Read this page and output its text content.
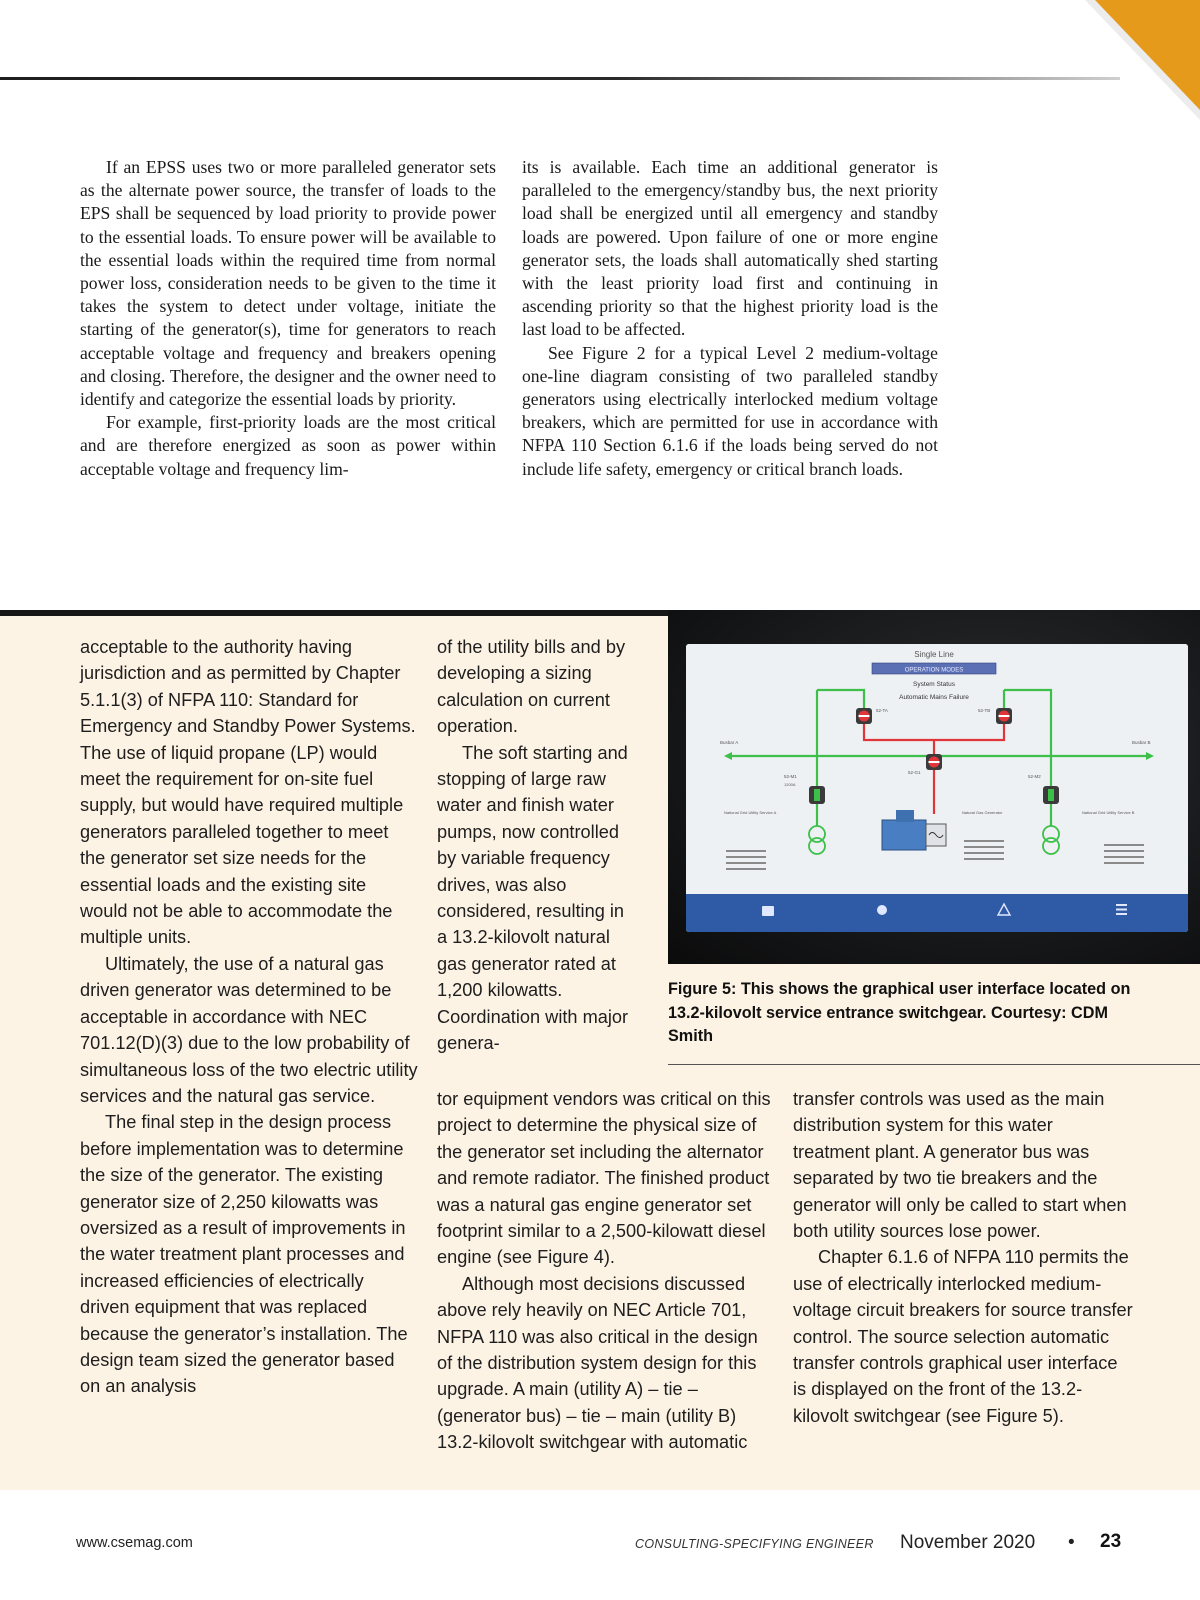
If an EPSS uses two or more paralleled generator sets as the alternate power source, the transfer of loads to the EPS shall be sequenced by load priority to provide power to the essential loads. To ensure power will be available to the essential loads within the required time from normal power loss, consideration needs to be given to the time it takes the system to detect under voltage, initiate the starting of the generator(s), time for generators to reach acceptable voltage and frequency and breakers opening and closing. Therefore, the designer and the owner need to identify and categorize the essential loads by priority.

For example, first-priority loads are the most critical and are therefore energized as soon as power within acceptable voltage and frequency lim-

its is available. Each time an additional generator is paralleled to the emergency/standby bus, the next priority load shall be energized until all emergency and standby loads are powered. Upon failure of one or more engine generator sets, the loads shall automatically shed starting with the least priority load first and continuing in ascending priority so that the highest priority load is the last load to be affected.

See Figure 2 for a typical Level 2 medium-voltage one-line diagram consisting of two paralleled standby generators using electrically interlocked medium voltage breakers, which are permitted for use in accordance with NFPA 110 Section 6.1.6 if the loads being served do not include life safety, emergency or critical branch loads.

acceptable to the authority having jurisdiction and as permitted by Chapter 5.1.1(3) of NFPA 110: Standard for Emergency and Standby Power Systems. The use of liquid propane (LP) would meet the requirement for on-site fuel supply, but would have required multiple generators paralleled together to meet the generator set size needs for the essential loads and the existing site would not be able to accommodate the multiple units.

Ultimately, the use of a natural gas driven generator was determined to be acceptable in accordance with NEC 701.12(D)(3) due to the low probability of simultaneous loss of the two electric utility services and the natural gas service.

The final step in the design process before implementation was to determine the size of the generator. The existing generator size of 2,250 kilowatts was oversized as a result of improvements in the water treatment plant processes and increased efficiencies of electrically driven equipment that was replaced because the generator’s installation. The design team sized the generator based on an analysis

of the utility bills and by developing a sizing calculation on current operation.

The soft starting and stopping of large raw water and finish water pumps, now controlled by variable frequency drives, was also considered, resulting in a 13.2-kilovolt natural gas generator rated at 1,200 kilowatts. Coordination with major genera-

tor equipment vendors was critical on this project to determine the physical size of the generator set including the alternator and remote radiator. The finished product was a natural gas engine generator set footprint similar to a 2,500-kilowatt diesel engine (see Figure 4).

Although most decisions discussed above rely heavily on NEC Article 701, NFPA 110 was also critical in the design of the distribution system design for this upgrade. A main (utility A) – tie – (generator bus) – tie – main (utility B) 13.2-kilovolt switchgear with automatic

transfer controls was used as the main distribution system for this water treatment plant. A generator bus was separated by two tie breakers and the generator will only be called to start when both utility sources lose power.

Chapter 6.1.6 of NFPA 110 permits the use of electrically interlocked medium-voltage circuit breakers for source transfer control. The source selection automatic transfer controls graphical user interface is displayed on the front of the 13.2-kilovolt switchgear (see Figure 5).

Single Line
OPERATION MODES
System Status
Automatic Mains Failure
Busbar A	Busbar B
52-TA	52-TB
52-M1	52-M2
52-G1
1200A
Natural Gas Generator
National Grid Utility Service A	National Grid Utility Service B
Figure 5: This shows the graphical user interface located on 13.2-kilovolt service entrance switchgear. Courtesy: CDM Smith
www.csemag.com	CONSULTING-SPECIFYING ENGINEER November 2020 • 23
